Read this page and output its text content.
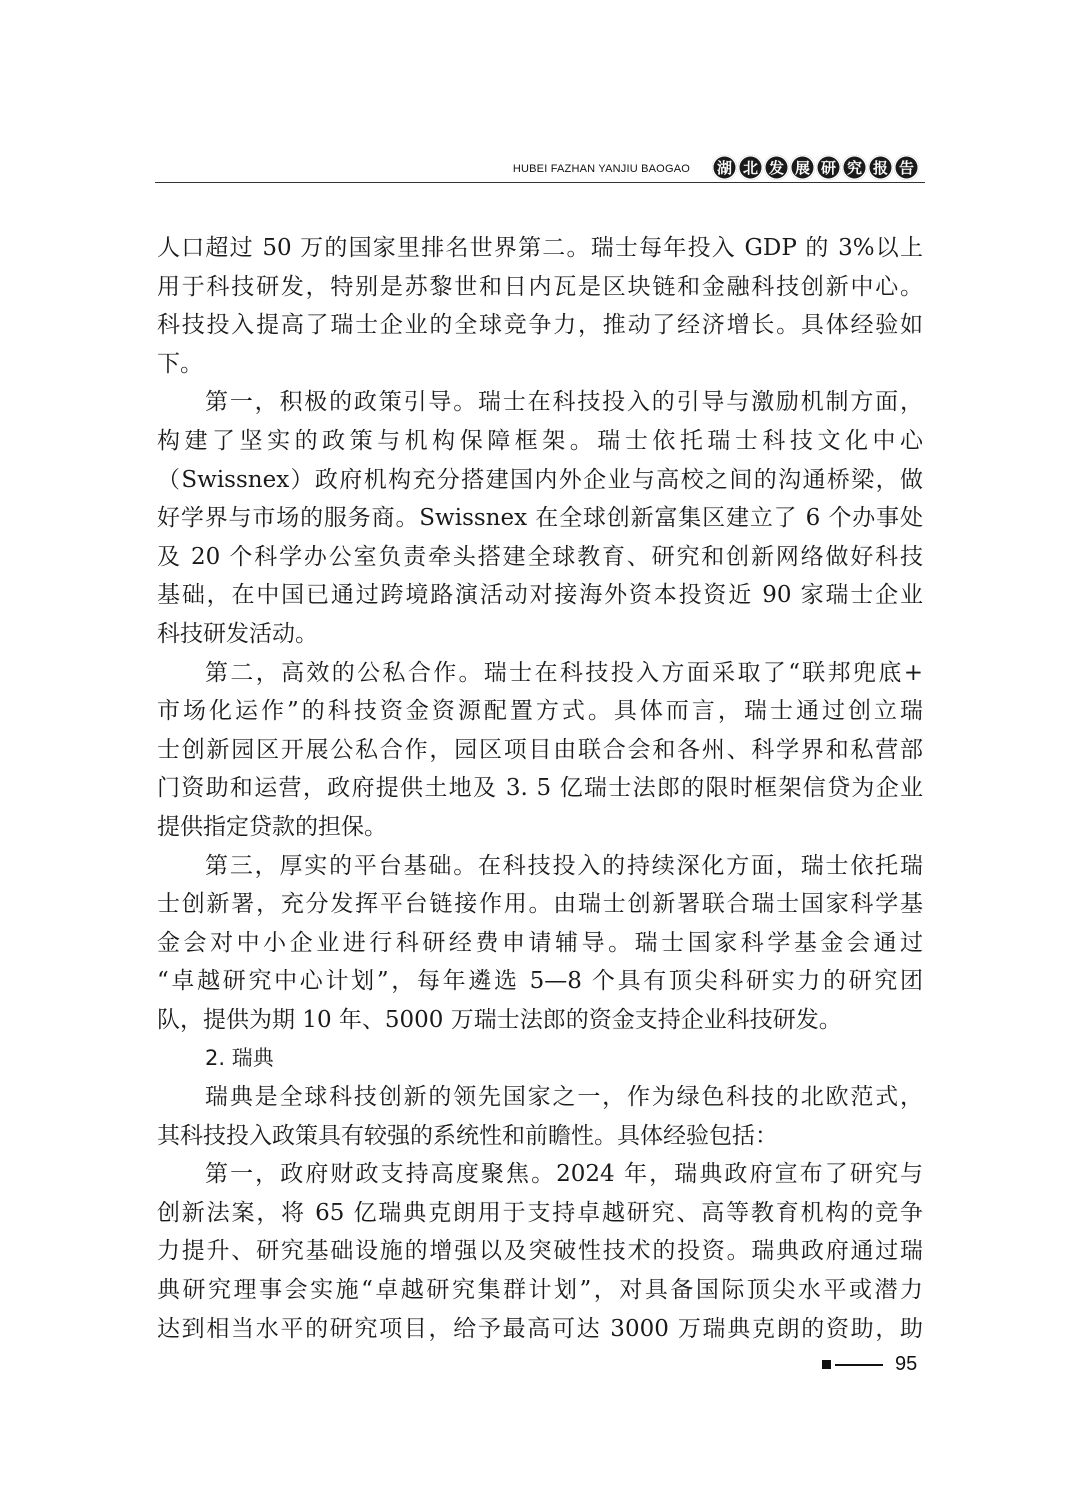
HUBEI FAZHAN YANJIU BAOGAO	湖 北 发 展 研 究 报 告
人口超过 50 万的国家里排名世界第二。瑞士每年投入 GDP 的 3%以上
用于科技研发，特别是苏黎世和日内瓦是区块链和金融科技创新中心。
科技投入提高了瑞士企业的全球竞争力，推动了经济增长。具体经验如
下。
第一，积极的政策引导。瑞士在科技投入的引导与激励机制方面，
构建了坚实的政策与机构保障框架。瑞士依托瑞士科技文化中心
（Swissnex）政府机构充分搭建国内外企业与高校之间的沟通桥梁，做
好学界与市场的服务商。Swissnex 在全球创新富集区建立了 6 个办事处
及 20 个科学办公室负责牵头搭建全球教育、研究和创新网络做好科技
基础，在中国已通过跨境路演活动对接海外资本投资近 90 家瑞士企业
科技研发活动。
第二，高效的公私合作。瑞士在科技投入方面采取了“联邦兜底+
市场化运作”的科技资金资源配置方式。具体而言，瑞士通过创立瑞
士创新园区开展公私合作，园区项目由联合会和各州、科学界和私营部
门资助和运营，政府提供土地及 3. 5 亿瑞士法郎的限时框架信贷为企业
提供指定贷款的担保。
第三，厚实的平台基础。在科技投入的持续深化方面，瑞士依托瑞
士创新署，充分发挥平台链接作用。由瑞士创新署联合瑞士国家科学基
金会对中小企业进行科研经费申请辅导。瑞士国家科学基金会通过
“卓越研究中心计划”，每年遴选 5—8 个具有顶尖科研实力的研究团
队，提供为期 10 年、5000 万瑞士法郎的资金支持企业科技研发。
2. 瑞典
瑞典是全球科技创新的领先国家之一，作为绿色科技的北欧范式，
其科技投入政策具有较强的系统性和前瞻性。具体经验包括：
第一，政府财政支持高度聚焦。2024 年，瑞典政府宣布了研究与
创新法案，将 65 亿瑞典克朗用于支持卓越研究、高等教育机构的竞争
力提升、研究基础设施的增强以及突破性技术的投资。瑞典政府通过瑞
典研究理事会实施“卓越研究集群计划”，对具备国际顶尖水平或潜力
达到相当水平的研究项目，给予最高可达 3000 万瑞典克朗的资助，助
95
